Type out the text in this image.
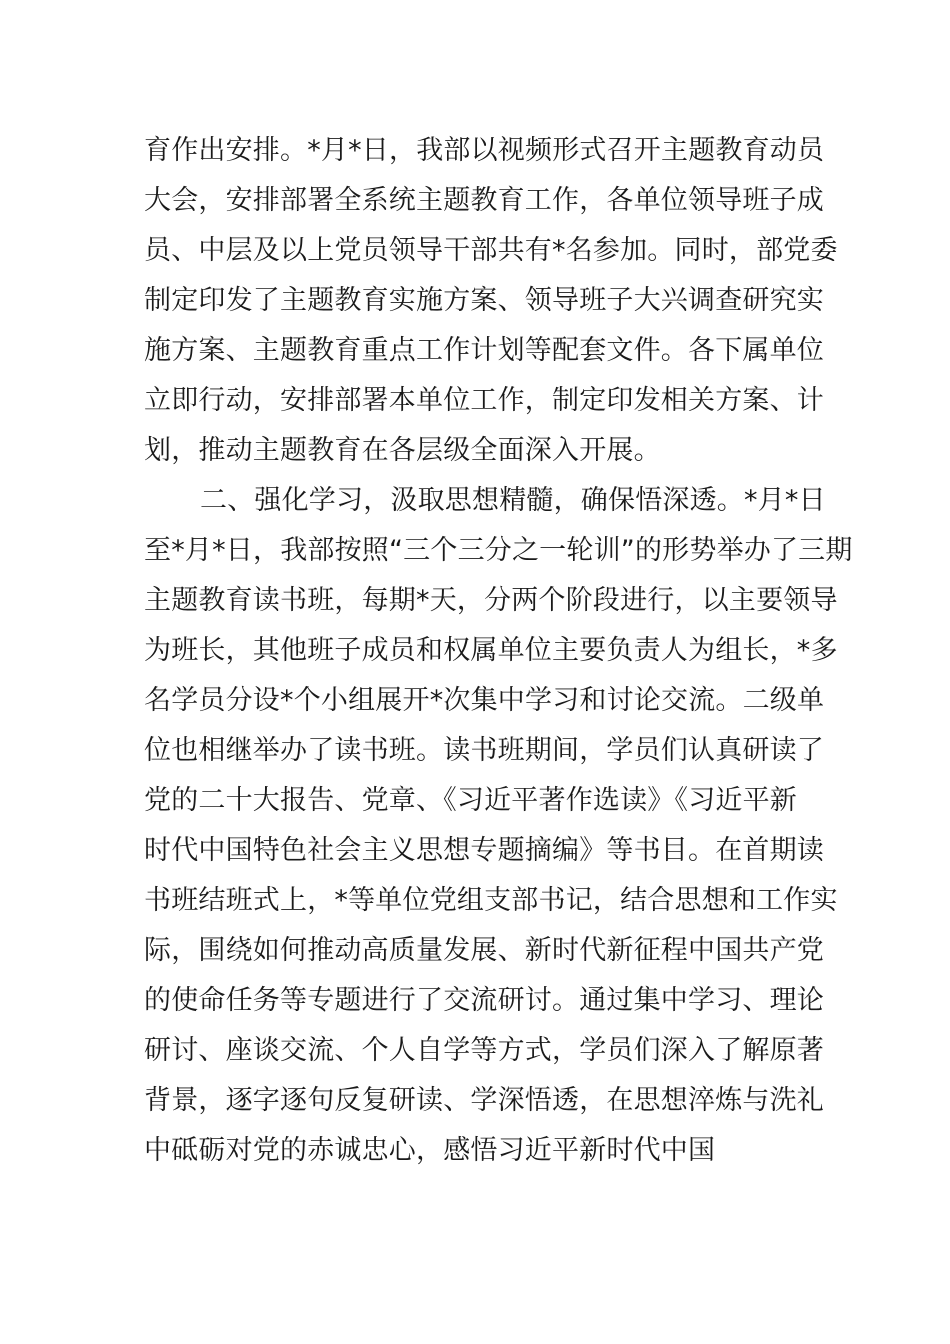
育作出安排。*月*日，我部以视频形式召开主题教育动员
大会，安排部署全系统主题教育工作，各单位领导班子成
员、中层及以上党员领导干部共有*名参加。同时，部党委
制定印发了主题教育实施方案、领导班子大兴调查研究实
施方案、主题教育重点工作计划等配套文件。各下属单位
立即行动，安排部署本单位工作，制定印发相关方案、计
划，推动主题教育在各层级全面深入开展。
二、强化学习，汲取思想精髓，确保悟深透。*月*日
至*月*日，我部按照“三个三分之一轮训”的形势举办了三期
主题教育读书班，每期*天，分两个阶段进行，以主要领导
为班长，其他班子成员和权属单位主要负责人为组长，*多
名学员分设*个小组展开*次集中学习和讨论交流。二级单
位也相继举办了读书班。读书班期间，学员们认真研读了
党的二十大报告、党章、《习近平著作选读》《习近平新
时代中国特色社会主义思想专题摘编》等书目。在首期读
书班结班式上，*等单位党组支部书记，结合思想和工作实
际，围绕如何推动高质量发展、新时代新征程中国共产党
的使命任务等专题进行了交流研讨。通过集中学习、理论
研讨、座谈交流、个人自学等方式，学员们深入了解原著
背景，逐字逐句反复研读、学深悟透，在思想淬炼与洗礼
中砥砺对党的赤诚忠心，感悟习近平新时代中国
